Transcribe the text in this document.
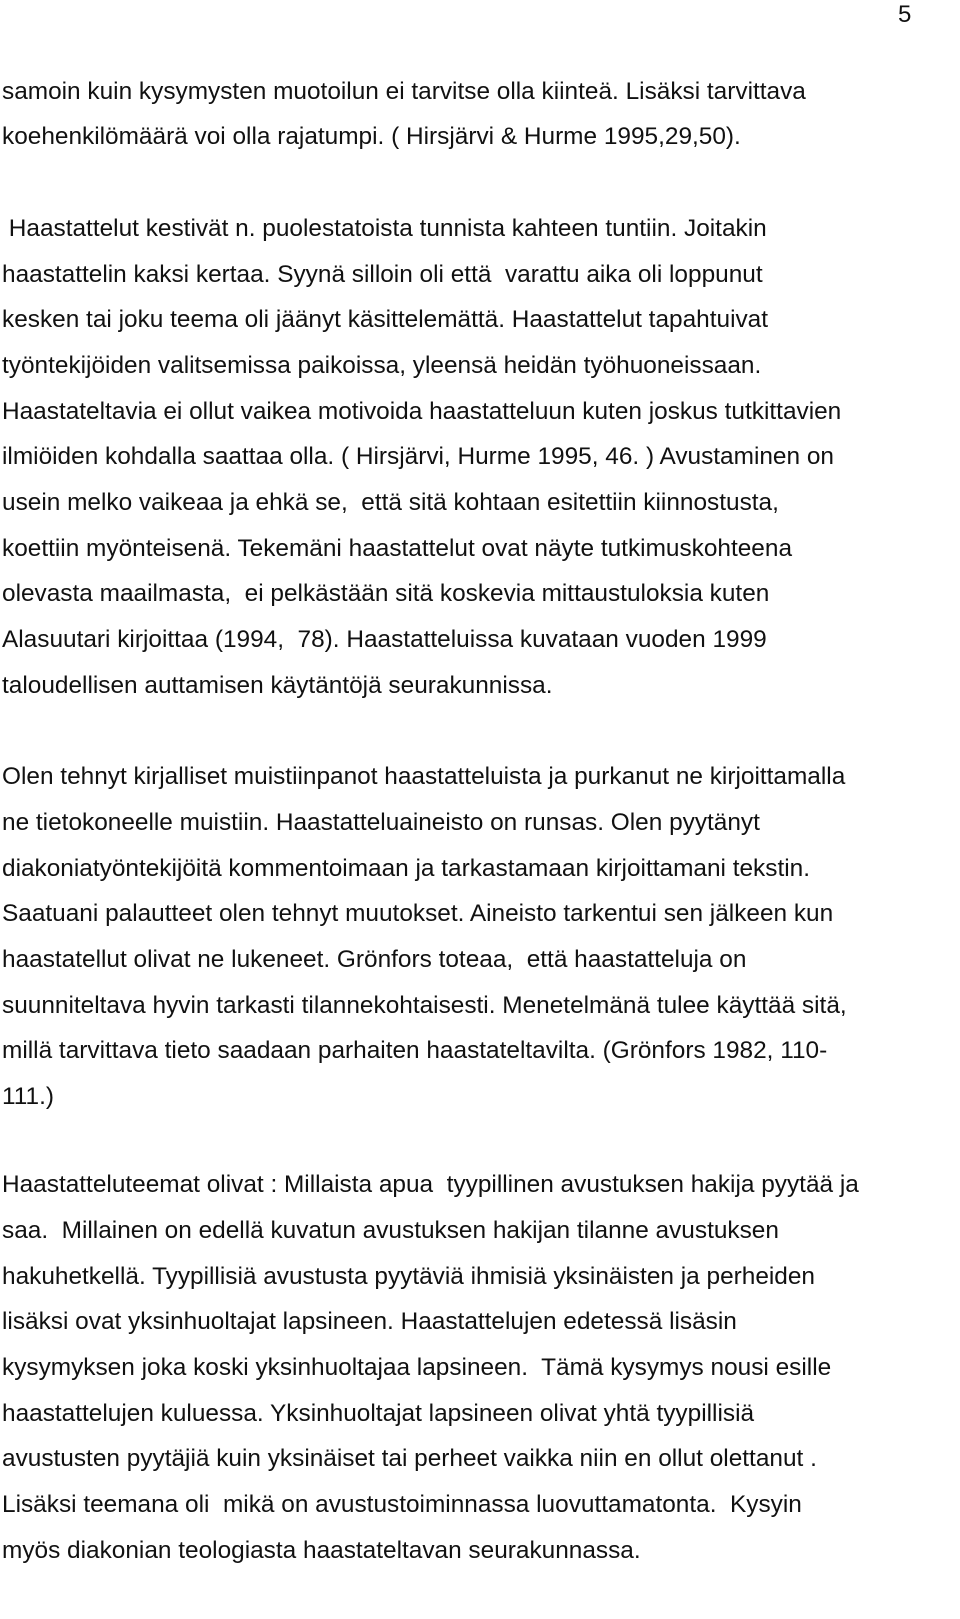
5
samoin kuin kysymysten muotoilun ei tarvitse olla kiinteä. Lisäksi tarvittava
koehenkilömäärä voi olla rajatumpi. ( Hirsjärvi & Hurme 1995,29,50).
Haastattelut kestivät n. puolestatoista tunnista kahteen tuntiin. Joitakin
haastattelin kaksi kertaa. Syynä silloin oli että  varattu aika oli loppunut
kesken tai joku teema oli jäänyt käsittelemättä. Haastattelut tapahtuivat
työntekijöiden valitsemissa paikoissa, yleensä heidän työhuoneissaan.
Haastateltavia ei ollut vaikea motivoida haastatteluun kuten joskus tutkittavien
ilmiöiden kohdalla saattaa olla. ( Hirsjärvi, Hurme 1995, 46. ) Avustaminen on
usein melko vaikeaa ja ehkä se,  että sitä kohtaan esitettiin kiinnostusta,
koettiin myönteisenä. Tekemäni haastattelut ovat näyte tutkimuskohteena
olevasta maailmasta,  ei pelkästään sitä koskevia mittaustuloksia kuten
Alasuutari kirjoittaa (1994,  78). Haastatteluissa kuvataan vuoden 1999
taloudellisen auttamisen käytäntöjä seurakunnissa.
Olen tehnyt kirjalliset muistiinpanot haastatteluista ja purkanut ne kirjoittamalla
ne tietokoneelle muistiin. Haastatteluaineisto on runsas. Olen pyytänyt
diakoniatyöntekijöitä kommentoimaan ja tarkastamaan kirjoittamani tekstin.
Saatuani palautteet olen tehnyt muutokset. Aineisto tarkentui sen jälkeen kun
haastatellut olivat ne lukeneet. Grönfors toteaa,  että haastatteluja on
suunniteltava hyvin tarkasti tilannekohtaisesti. Menetelmänä tulee käyttää sitä,
millä tarvittava tieto saadaan parhaiten haastateltavilta. (Grönfors 1982, 110-
111.)
Haastatteluteemat olivat : Millaista apua  tyypillinen avustuksen hakija pyytää ja
saa.  Millainen on edellä kuvatun avustuksen hakijan tilanne avustuksen
hakuhetkellä. Tyypillisiä avustusta pyytäviä ihmisiä yksinäisten ja perheiden
lisäksi ovat yksinhuoltajat lapsineen. Haastattelujen edetessä lisäsin
kysymyksen joka koski yksinhuoltajaa lapsineen.  Tämä kysymys nousi esille
haastattelujen kuluessa. Yksinhuoltajat lapsineen olivat yhtä tyypillisiä
avustusten pyytäjiä kuin yksinäiset tai perheet vaikka niin en ollut olettanut .
Lisäksi teemana oli  mikä on avustustoiminnassa luovuttamatonta.  Kysyin
myös diakonian teologiasta haastateltavan seurakunnassa.
